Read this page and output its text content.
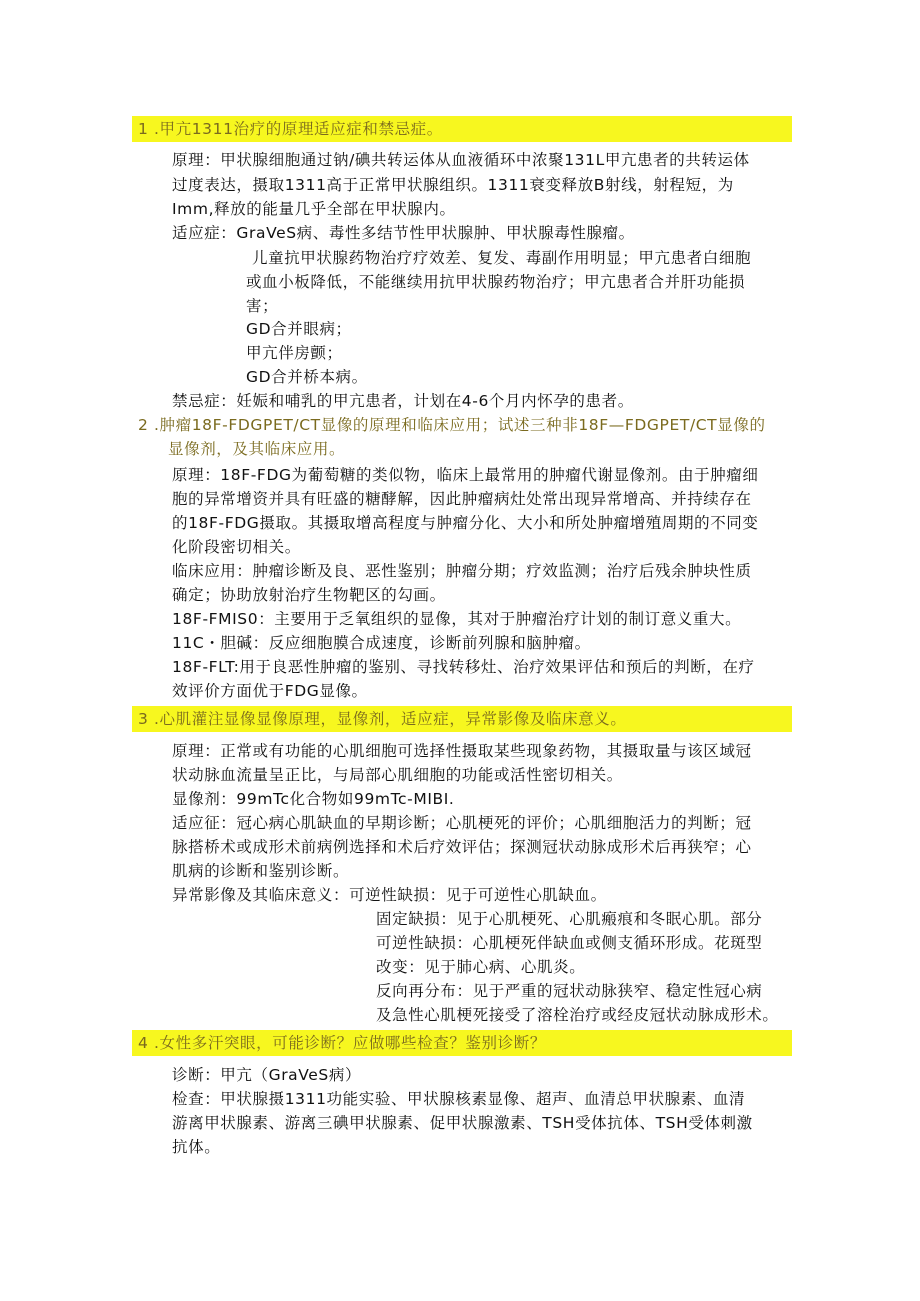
1 .甲亢1311治疗的原理适应症和禁忌症。
原理：甲状腺细胞通过钠/碘共转运体从血液循环中浓聚131L甲亢患者的共转运体
过度表达，摄取1311高于正常甲状腺组织。1311衰变释放B射线，射程短，为
Imm,释放的能量几乎全部在甲状腺内。
适应症：GraVeS病、毒性多结节性甲状腺肿、甲状腺毒性腺瘤。
儿童抗甲状腺药物治疗疗效差、复发、毒副作用明显；甲亢患者白细胞
或血小板降低，不能继续用抗甲状腺药物治疗；甲亢患者合并肝功能损
害；
GD合并眼病；
甲亢伴房颤；
GD合并桥本病。
禁忌症：妊娠和哺乳的甲亢患者，计划在4-6个月内怀孕的患者。
2 .肿瘤18F-FDGPET/CT显像的原理和临床应用；试述三种非18F—FDGPET/CT显像的
显像剂，及其临床应用。
原理：18F-FDG为葡萄糖的类似物，临床上最常用的肿瘤代谢显像剂。由于肿瘤细
胞的异常增资并具有旺盛的糖酵解，因此肿瘤病灶处常出现异常增高、并持续存在
的18F-FDG摄取。其摄取增高程度与肿瘤分化、大小和所处肿瘤增殖周期的不同变
化阶段密切相关。
临床应用：肿瘤诊断及良、恶性鉴别；肿瘤分期；疗效监测；治疗后残余肿块性质
确定；协助放射治疗生物靶区的勾画。
18F-FMIS0：主要用于乏氧组织的显像，其对于肿瘤治疗计划的制订意义重大。
11C・胆碱：反应细胞膜合成速度，诊断前列腺和脑肿瘤。
18F-FLT:用于良恶性肿瘤的鉴别、寻找转移灶、治疗效果评估和预后的判断，在疗
效评价方面优于FDG显像。
3 .心肌灌注显像显像原理，显像剂，适应症，异常影像及临床意义。
原理：正常或有功能的心肌细胞可选择性摄取某些现象药物，其摄取量与该区域冠
状动脉血流量呈正比，与局部心肌细胞的功能或活性密切相关。
显像剂：99mTc化合物如99mTc-MIBI.
适应征：冠心病心肌缺血的早期诊断；心肌梗死的评价；心肌细胞活力的判断；冠
脉搭桥术或成形术前病例选择和术后疗效评估；探测冠状动脉成形术后再狭窄；心
肌病的诊断和鉴别诊断。
异常影像及其临床意义：可逆性缺损：见于可逆性心肌缺血。
固定缺损：见于心肌梗死、心肌瘢痕和冬眠心肌。部分
可逆性缺损：心肌梗死伴缺血或侧支循环形成。花斑型
改变：见于肺心病、心肌炎。
反向再分布：见于严重的冠状动脉狭窄、稳定性冠心病
及急性心肌梗死接受了溶栓治疗或经皮冠状动脉成形术。
4 .女性多汗突眼，可能诊断？应做哪些检查？鉴别诊断？
诊断：甲亢（GraVeS病）
检查：甲状腺摄1311功能实验、甲状腺核素显像、超声、血清总甲状腺素、血清
游离甲状腺素、游离三碘甲状腺素、促甲状腺激素、TSH受体抗体、TSH受体刺激
抗体。
